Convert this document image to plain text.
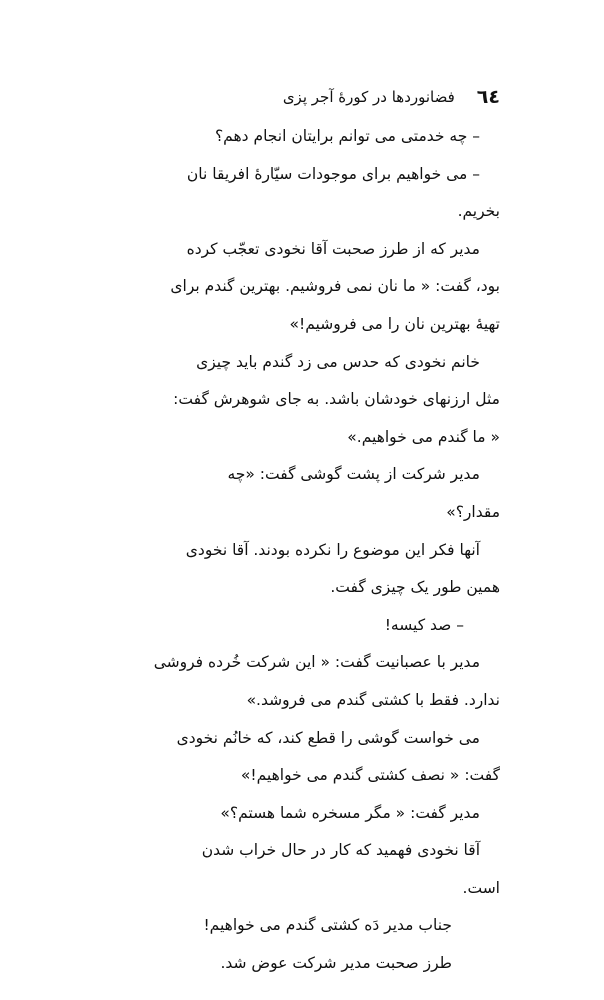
٦٤
فضانوردها در کورۀ آجر پزی
– چه خدمتی می توانم برایتان انجام دهم؟
– می خواهیم برای موجودات سیّارۀ افریقا نان
بخریم.
مدیر که از طرز صحبت آقا نخودی تعجّب کرده
بود، گفت: « ما نان نمی فروشیم. بهترین گندم برای
تهیۀ بهترین نان را می فروشیم!»
خانم نخودی که حدس می زد گندم باید چیزی
مثل ارزنهای خودشان باشد. به جای شوهرش گفت:
« ما گندم می خواهیم.»
مدیر شرکت از پشت گوشی گفت: «چه
مقدار؟»
آنها فکر این موضوع را نکرده بودند. آقا نخودی
همین طور یک چیزی گفت.
– صد کیسه!
مدیر با عصبانیت گفت: « این شرکت خُرده فروشی
ندارد. فقط با کشتی گندم می فروشد.»
می خواست گوشی را قطع کند، که خانُم نخودی
گفت: « نصف کشتی گندم می خواهیم!»
مدیر گفت: « مگر مسخره شما هستم؟»
آقا نخودی فهمید که کار در حال خراب شدن
است.
جناب مدیر دَه کشتی گندم می خواهیم!
طرز صحبت مدیر شرکت عوض شد.
